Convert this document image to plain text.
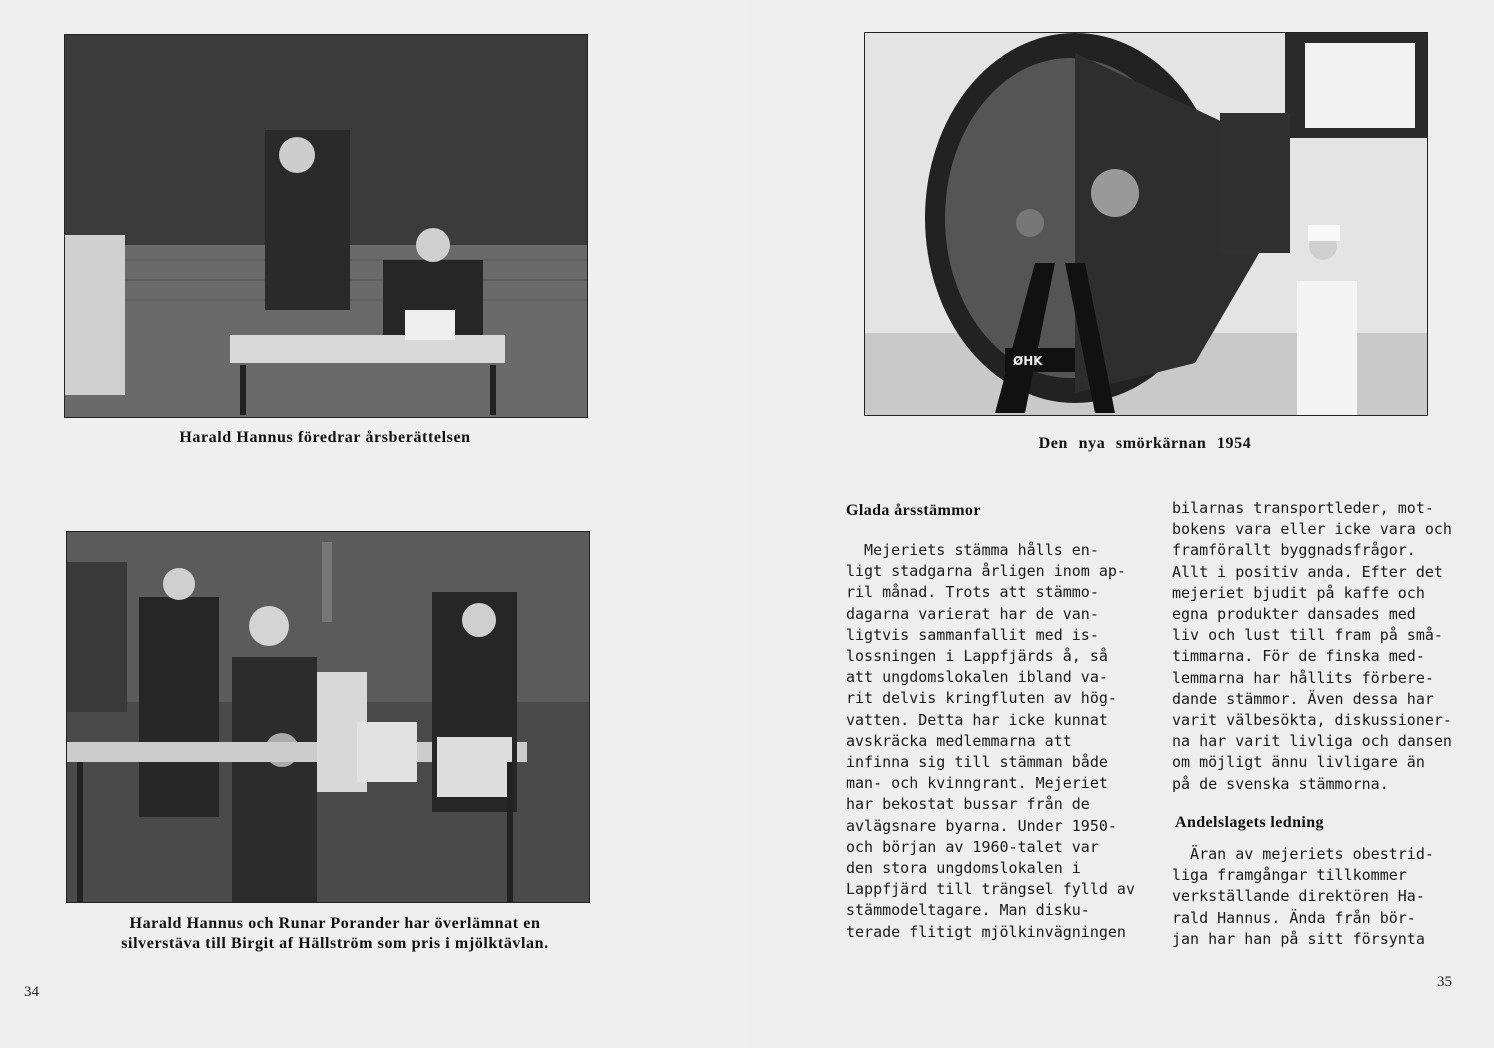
Harald Hannus föredrar årsberättelsen
Harald Hannus och Runar Porander har överlämnat en
silverstäva till Birgit af Hällström som pris i mjölktävlan.
34
ØHK
Den nya smörkärnan 1954
Glada årsstämmor
Mejeriets stämma hålls en-
ligt stadgarna årligen inom ap-
ril månad. Trots att stämmo-
dagarna varierat har de van-
ligtvis sammanfallit med is-
lossningen i Lappfjärds å, så
att ungdomslokalen ibland va-
rit delvis kringfluten av hög-
vatten. Detta har icke kunnat
avskräcka medlemmarna att
infinna sig till stämman både
man- och kvinngrant. Mejeriet
har bekostat bussar från de
avlägsnare byarna. Under 1950-
och början av 1960-talet var
den stora ungdomslokalen i
Lappfjärd till trängsel fylld av
stämmodeltagare. Man disku-
terade flitigt mjölkinvägningen
bilarnas transportleder, mot-
bokens vara eller icke vara och
framförallt byggnadsfrågor.
Allt i positiv anda. Efter det
mejeriet bjudit på kaffe och
egna produkter dansades med
liv och lust till fram på små-
timmarna. För de finska med-
lemmarna har hållits förbere-
dande stämmor. Även dessa har
varit välbesökta, diskussioner-
na har varit livliga och dansen
om möjligt ännu livligare än
på de svenska stämmorna.
Andelslagets ledning
Äran av mejeriets obestrid-
liga framgångar tillkommer
verkställande direktören Ha-
rald Hannus. Ända från bör-
jan har han på sitt försynta
35
